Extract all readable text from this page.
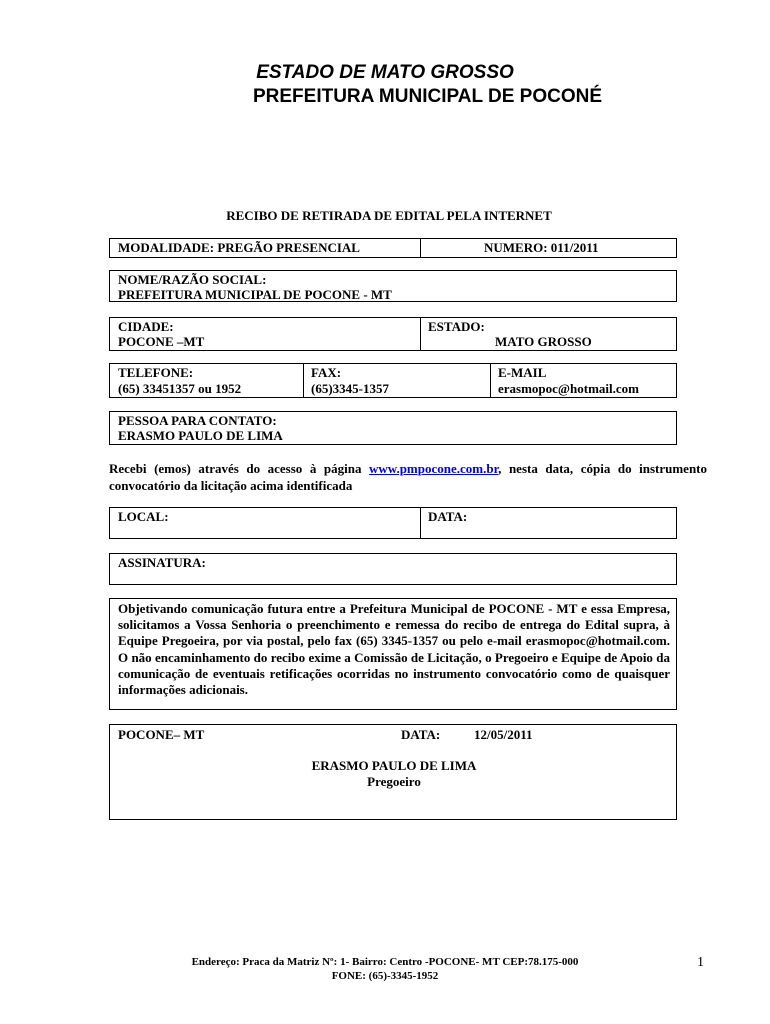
ESTADO DE MATO GROSSO
PREFEITURA MUNICIPAL DE POCONÉ
RECIBO DE RETIRADA DE EDITAL PELA INTERNET
MODALIDADE: PREGÃO PRESENCIAL	NUMERO: 011/2011
NOME/RAZÃO SOCIAL:
PREFEITURA MUNICIPAL DE POCONE - MT
CIDADE:
POCONE –MT
ESTADO:
MATO GROSSO
TELEFONE:
(65) 33451357 ou 1952
FAX:
(65)3345-1357
E-MAIL
erasmopoc@hotmail.com
PESSOA PARA CONTATO:
ERASMO PAULO DE LIMA
Recebi (emos) através do acesso à página www.pmpocone.com.br, nesta data, cópia do instrumento convocatório da licitação acima identificada
LOCAL:	DATA:
ASSINATURA:
Objetivando comunicação futura entre a Prefeitura Municipal de POCONE - MT e essa Empresa, solicitamos a Vossa Senhoria o preenchimento e remessa do recibo de entrega do Edital supra, à Equipe Pregoeira, por via postal, pelo fax (65) 3345-1357 ou pelo e-mail erasmopoc@hotmail.com. O não encaminhamento do recibo exime a Comissão de Licitação, o Pregoeiro e Equipe de Apoio da comunicação de eventuais retificações ocorridas no instrumento convocatório como de quaisquer informações adicionais.
POCONE– MT	DATA:	12/05/2011
ERASMO PAULO DE LIMA
Pregoeiro
Endereço: Praca da Matriz Nº: 1- Bairro: Centro -POCONE- MT CEP:78.175-000
FONE: (65)-3345-1952
1
